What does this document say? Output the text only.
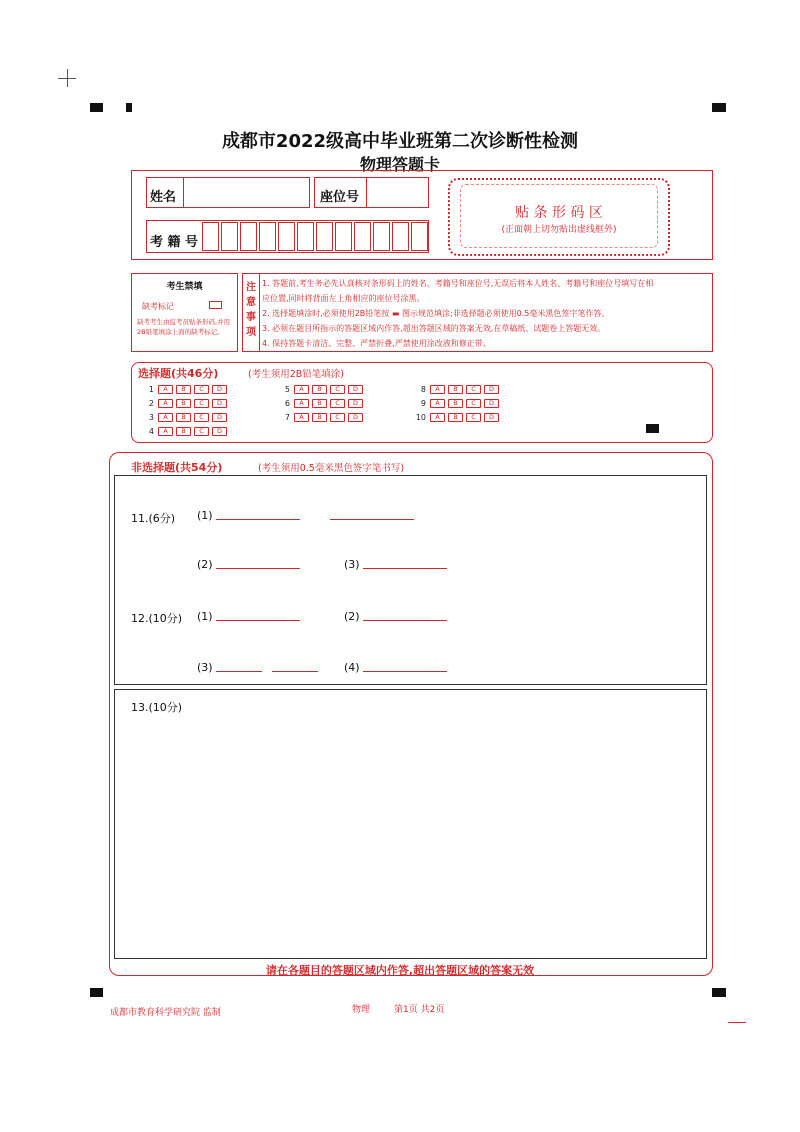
成都市2022级高中毕业班第二次诊断性检测
物理答题卡
姓名	座位号
考 籍 号
贴 条 形 码 区
(正面朝上切勿贴出虚线框外)
考生禁填
缺考标记
缺考考生由监考员贴条形码,并用2B铅笔填涂上面的缺考标记。
注
意
事
项
1. 答题前,考生务必先认真核对条形码上的姓名、考籍号和座位号,无误后将本人姓名、考籍号和座位号填写在相
应位置,同时将背面左上角相应的座位号涂黑。
2. 选择题填涂时,必须使用2B铅笔按 ▬ 图示规范填涂;非选择题必须使用0.5毫米黑色签字笔作答。
3. 必须在题目所指示的答题区域内作答,超出答题区域的答案无效,在草稿纸、试题卷上答题无效。
4. 保持答题卡清洁、完整、严禁折叠,严禁使用涂改液和修正带。
选择题(共46分)	(考生须用2B铅笔填涂)
1	A	B	C	D
2	A	B	C	D
3	A	B	C	D
4	A	B	C	D
5	A	B	C	D
6	A	B	C	D
7	A	B	C	D
8	A	B	C	D
9	A	B	C	D
10	A	B	C	D
非选择题(共54分)	(考生须用0.5毫米黑色签字笔书写)
11.(6分) (1)
(2)	(3)
12.(10分) (1)	(2)
(3)	(4)
13.(10分)
请在各题目的答题区域内作答,超出答题区域的答案无效
成都市教育科学研究院 监制	物理	第1页 共2页
